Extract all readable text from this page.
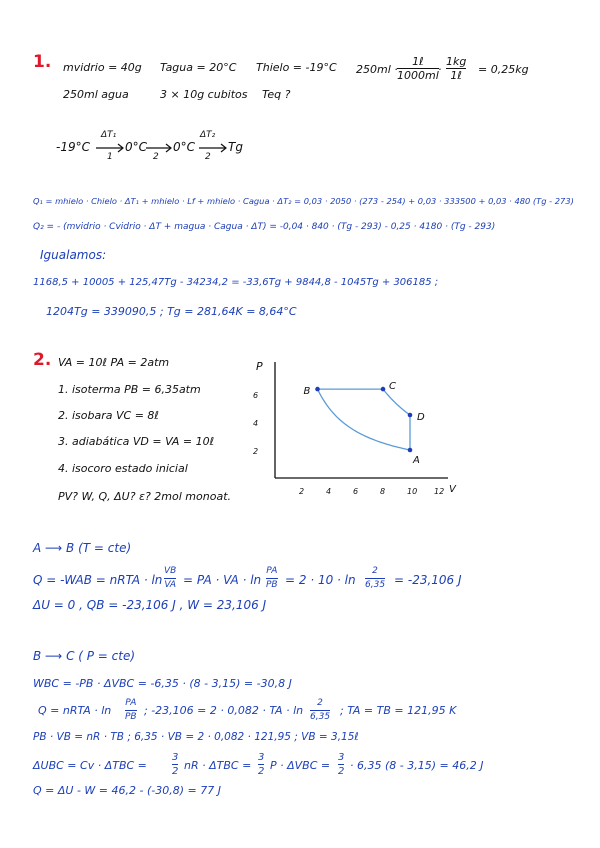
1. mvidrio = 40g Tagua = 20°C Thielo = -19°C 250ml ·
1ℓ
1000ml ·
1kg
1ℓ	= 0,25kg
250ml agua	3 × 10g cubitos Teq ?
-19°C
ΔT₁
1
0°C
2
0°C
ΔT₂
2
Tg
Q₁ = mhielo · Chielo · ΔT₁ + mhielo · Lf + mhielo · Cagua · ΔT₂ = 0,03 · 2050 · (273 - 254) + 0,03 · 333500 + 0,03 · 480 (Tg - 273)
Q₂ = - (mvidrio · Cvidrio · ΔT + magua · Cagua · ΔT) = -0,04 · 840 · (Tg - 293) - 0,25 · 4180 · (Tg - 293)
Igualamos:
1168,5 + 10005 + 125,47Tg - 34234,2 = -33,6Tg + 9844,8 - 1045Tg + 306185 ;
1204Tg = 339090,5 ; Tg = 281,64K = 8,64°C
2. VA = 10ℓ PA = 2atm
1. isoterma PB = 6,35atm
2. isobara VC = 8ℓ
3. adiabática VD = VA = 10ℓ
4. isocoro estado inicial
PV? W, Q, ΔU? ε? 2mol monoat.
P
V
2
4
6
2	4	6	8	10 12
A
B	C
D
A ⟶ B (T = cte)
Q = -WAB = nRTA · ln
VB
VA = PA · VA · ln
PA
PB = 2 · 10 · ln
2
6,35 = -23,106 J
ΔU = 0 , QB = -23,106 J , W = 23,106 J
B ⟶ C ( P = cte)
WBC = -PB · ΔVBC = -6,35 · (8 - 3,15) = -30,8 J
Q = nRTA · ln
PA
PB ; -23,106 = 2 · 0,082 · TA · ln
2
6,35 ; TA = TB = 121,95 K
PB · VB = nR · TB ; 6,35 · VB = 2 · 0,082 · 121,95 ; VB = 3,15ℓ
ΔUBC = Cv · ΔTBC =
3
2 nR · ΔTBC =
3
2 P · ΔVBC =
3
2 · 6,35 (8 - 3,15) = 46,2 J
Q = ΔU - W = 46,2 - (-30,8) = 77 J
